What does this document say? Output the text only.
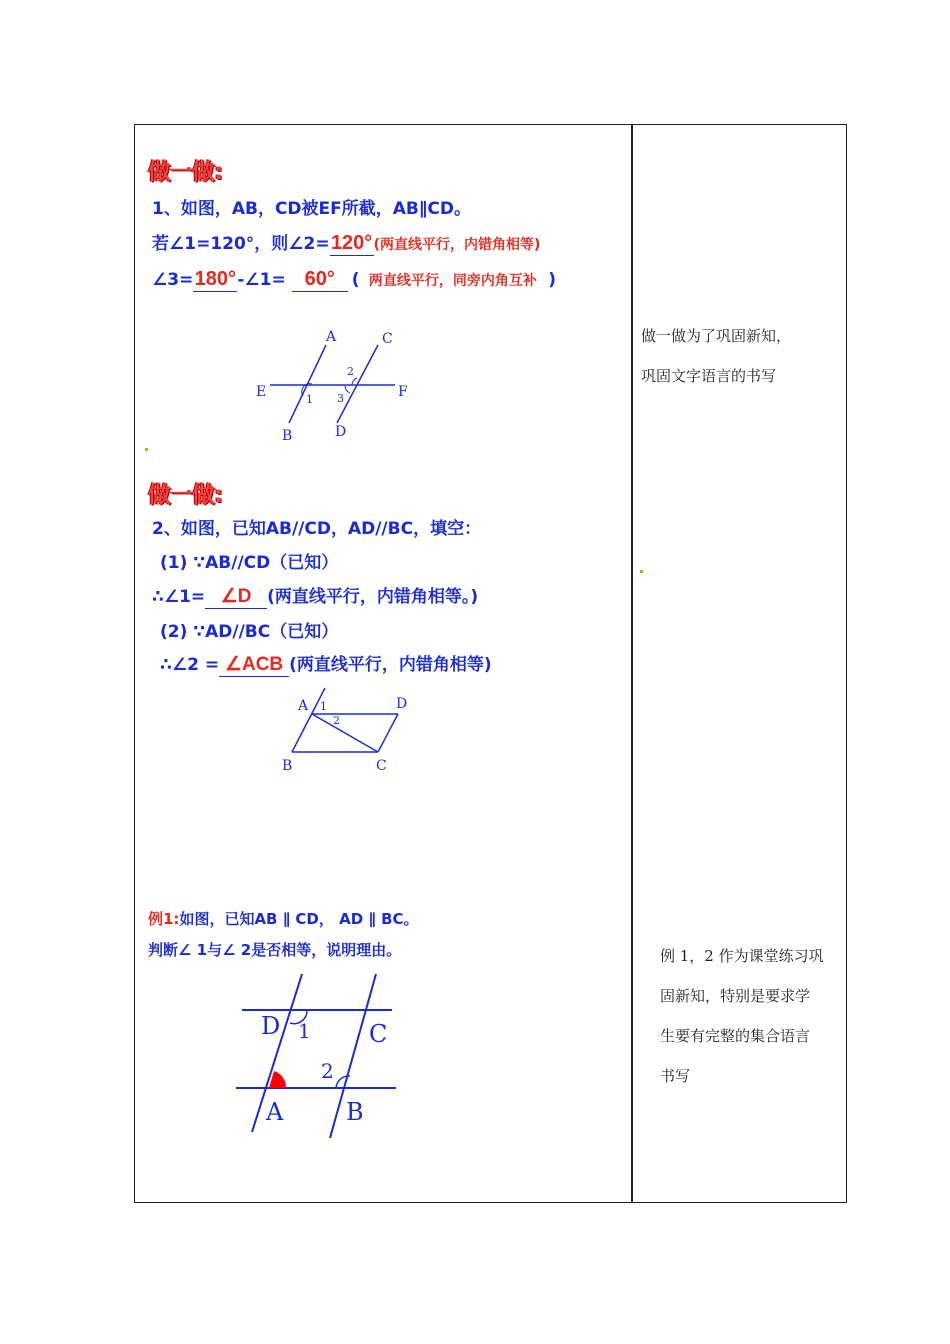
做一做:
1、如图，AB，CD被EF所截，AB∥CD。
若∠1=120°，则∠2=120°(两直线平行，内错角相等)
∠3=180°-∠1= 60° ( 两直线平行，同旁内角互补 )
A	C
E	F
B	D
1
2
3
做一做:
2、如图，已知AB//CD，AD//BC，填空：
(1) ∵AB//CD（已知）
∴∠1= ∠D (两直线平行，内错角相等。)
(2) ∵AD//BC（已知）
∴∠2 = ∠ACB (两直线平行，内错角相等)
A	D
B	C
1
2
例1:如图，已知AB ∥ CD， AD ∥ BC。
判断∠ 1与∠ 2是否相等，说明理由。
D	C
A	B
1
2
做一做为了巩固新知，
巩固文字语言的书写
例 1，2 作为课堂练习巩
固新知，特别是要求学
生要有完整的集合语言
书写
